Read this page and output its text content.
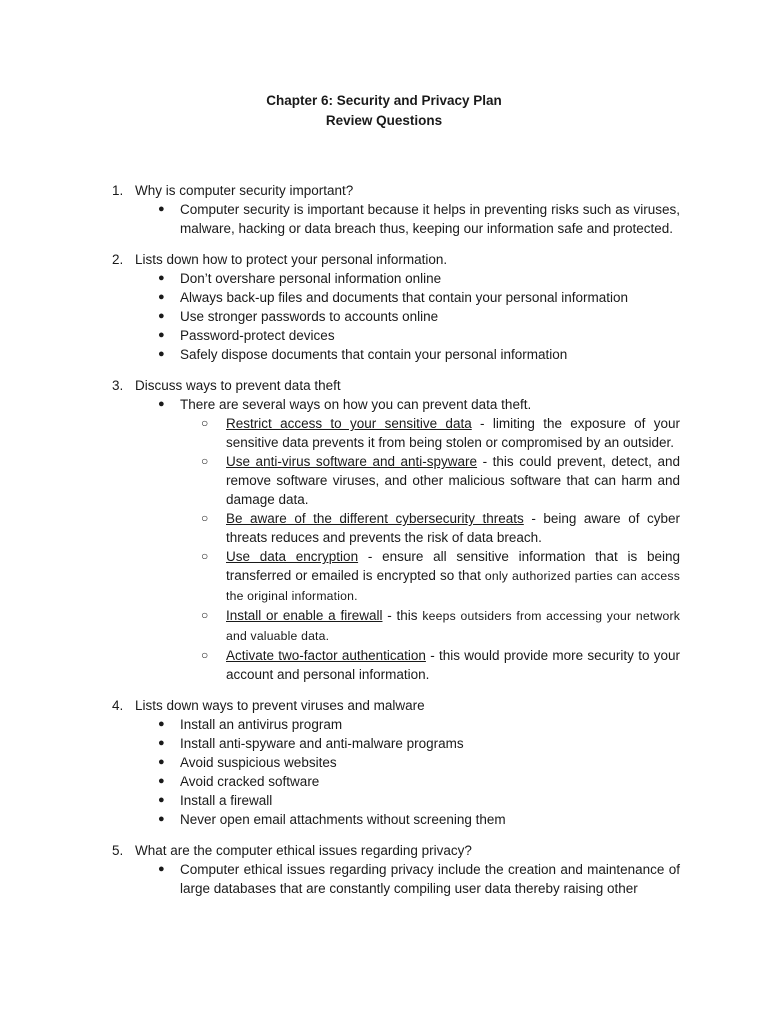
Chapter 6: Security and Privacy Plan
Review Questions
1. Why is computer security important?
● Computer security is important because it helps in preventing risks such as viruses, malware, hacking or data breach thus, keeping our information safe and protected.
2. Lists down how to protect your personal information.
● Don’t overshare personal information online
● Always back-up files and documents that contain your personal information
● Use stronger passwords to accounts online
● Password-protect devices
● Safely dispose documents that contain your personal information
3. Discuss ways to prevent data theft
● There are several ways on how you can prevent data theft.
○ Restrict access to your sensitive data - limiting the exposure of your sensitive data prevents it from being stolen or compromised by an outsider.
○ Use anti-virus software and anti-spyware - this could prevent, detect, and remove software viruses, and other malicious software that can harm and damage data.
○ Be aware of the different cybersecurity threats - being aware of cyber threats reduces and prevents the risk of data breach.
○ Use data encryption - ensure all sensitive information that is being transferred or emailed is encrypted so that only authorized parties can access the original information.
○ Install or enable a firewall - this keeps outsiders from accessing your network and valuable data.
○ Activate two-factor authentication - this would provide more security to your account and personal information.
4. Lists down ways to prevent viruses and malware
● Install an antivirus program
● Install anti-spyware and anti-malware programs
● Avoid suspicious websites
● Avoid cracked software
● Install a firewall
● Never open email attachments without screening them
5. What are the computer ethical issues regarding privacy?
● Computer ethical issues regarding privacy include the creation and maintenance of large databases that are constantly compiling user data thereby raising other
